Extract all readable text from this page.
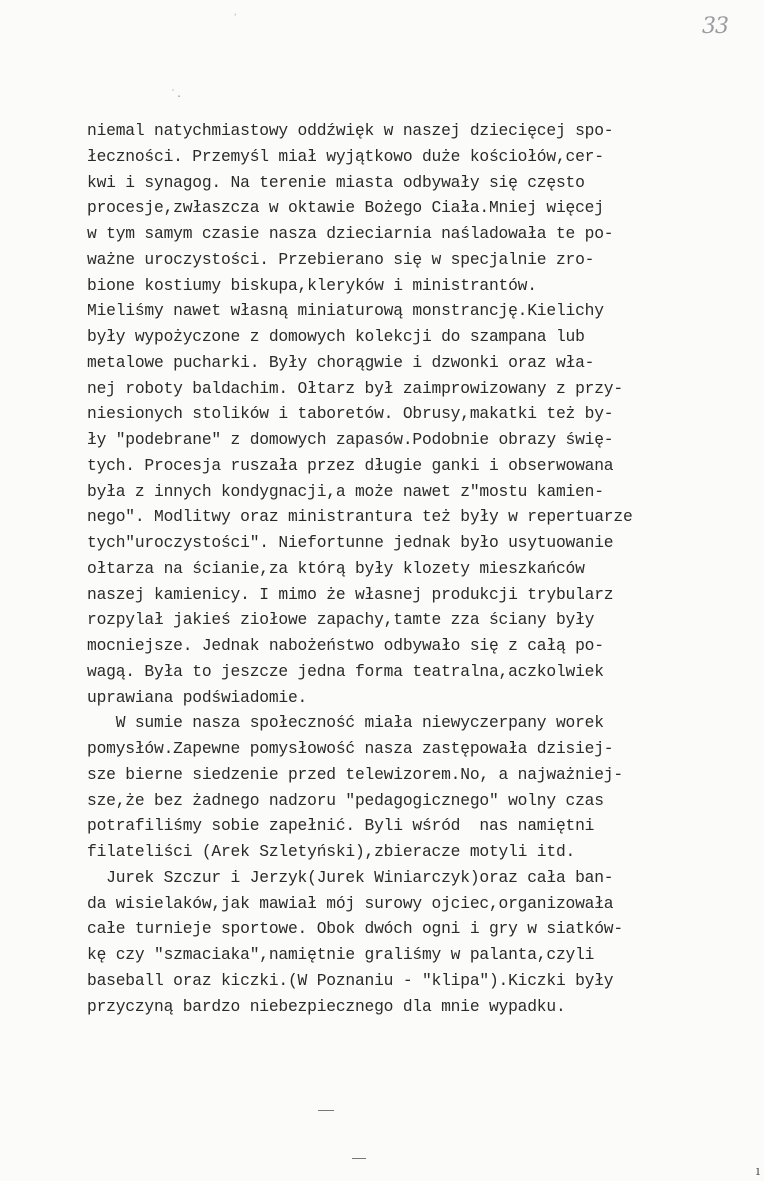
33
ʾ
˙.
niemal natychmiastowy oddźwięk w naszej dziecięcej spo-
łeczności. Przemyśl miał wyjątkowo duże kościołów,cer-
kwi i synagog. Na terenie miasta odbywały się często
procesje,zwłaszcza w oktawie Bożego Ciała.Mniej więcej
w tym samym czasie nasza dzieciarnia naśladowała te po-
ważne uroczystości. Przebierano się w specjalnie zro-
bione kostiumy biskupa,kleryków i ministrantów.
Mieliśmy nawet własną miniaturową monstrancję.Kielichy
były wypożyczone z domowych kolekcji do szampana lub
metalowe pucharki. Były chorągwie i dzwonki oraz wła-
nej roboty baldachim. Ołtarz był zaimprowizowany z przy-
niesionych stolików i taboretów. Obrusy,makatki też by-
ły "podebrane" z domowych zapasów.Podobnie obrazy świę-
tych. Procesja ruszała przez długie ganki i obserwowana
była z innych kondygnacji,a może nawet z"mostu kamien-
nego". Modlitwy oraz ministrantura też były w repertuarze
tych"uroczystości". Niefortunne jednak było usytuowanie
ołtarza na ścianie,za którą były klozety mieszkańców
naszej kamienicy. I mimo że własnej produkcji trybularz
rozpylał jakieś ziołowe zapachy,tamte zza ściany były
mocniejsze. Jednak nabożeństwo odbywało się z całą po-
wagą. Była to jeszcze jedna forma teatralna,aczkolwiek
uprawiana podświadomie.
W sumie nasza społeczność miała niewyczerpany worek
pomysłów.Zapewne pomysłowość nasza zastępowała dzisiej-
sze bierne siedzenie przed telewizorem.No, a najważniej-
sze,że bez żadnego nadzoru "pedagogicznego" wolny czas
potrafiliśmy sobie zapełnić. Byli wśród  nas namiętni
filateliści (Arek Szletyński),zbieracze motyli itd.
Jurek Szczur i Jerzyk(Jurek Winiarczyk)oraz cała ban-
da wisielaków,jak mawiał mój surowy ojciec,organizowała
całe turnieje sportowe. Obok dwóch ogni i gry w siatków-
kę czy "szmaciaka",namiętnie graliśmy w palanta,czyli
baseball oraz kiczki.(W Poznaniu - "klipa").Kiczki były
przyczyną bardzo niebezpiecznego dla mnie wypadku.
ı
